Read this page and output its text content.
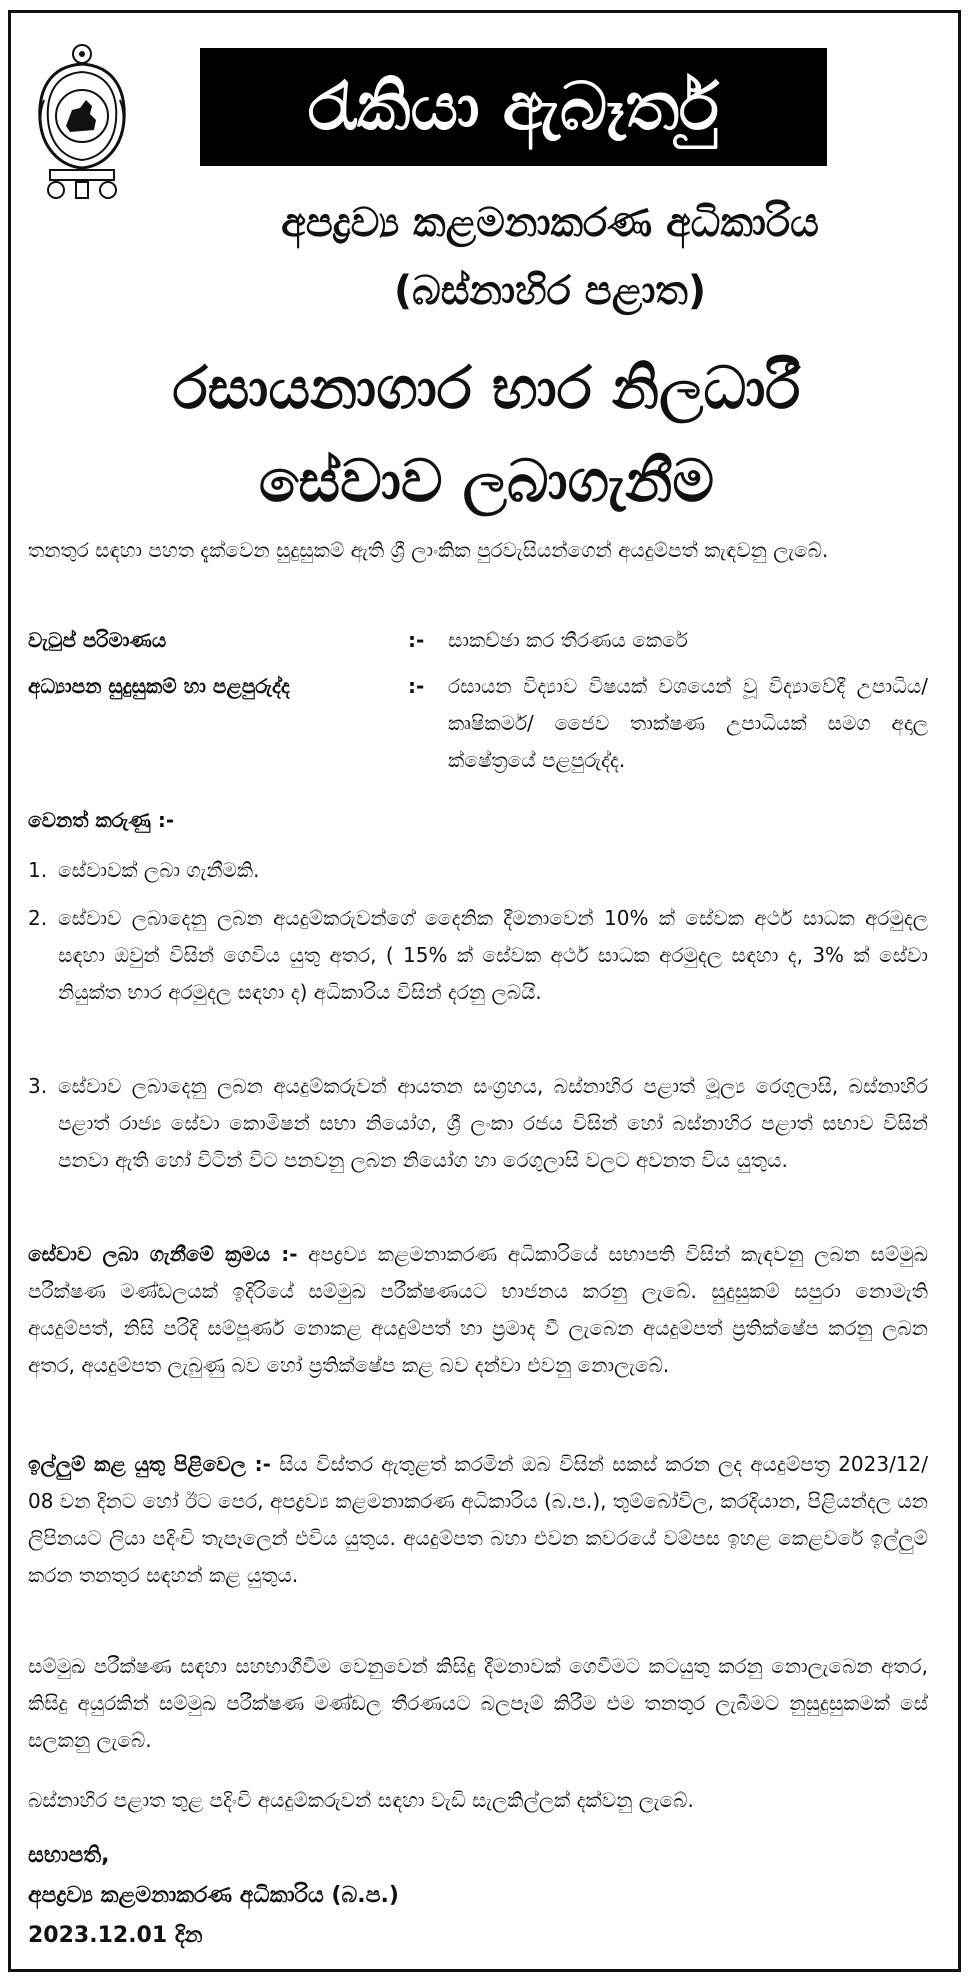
රැකියා ඇබෑර්තු
අපද්‍රව්‍ය කළමනාකරණ අධිකාරිය
(බස්නාහිර පළාත)
රසායනාගාර භාර නිලධාරී
සේවාව ලබාගැනීම
තනතුර සඳහා පහත දැක්වෙන සුදුසුකම් ඇති ශ්‍රී ලාංකික පුරවැසියන්ගෙන් අයදුම්පත් කැඳවනු ලැබේ.
වැටුප් පරිමාණය	:- සාකච්ඡා කර තීරණය කෙරේ
අධ්‍යාපන සුදුසුකම් හා පළපුරුද්ද	:- රසායන විද්‍යාව විෂයක් වශයෙන් වූ විද්‍යාවේදී උපාධිය/ කෘෂිකර්ම/ ජෛව තාක්ෂණ උපාධියක් සමග අදාල ක්ෂේත්‍රයේ පළපුරුද්ද.
වෙනත් කරුණු :-
1. සේවාවක් ලබා ගැනීමකි.
2. සේවාව ලබාදෙනු ලබන අයදුම්කරුවන්ගේ දෛනික දීමනාවෙන් 10% ක් සේවක අර්ථ සාධක අරමුදල සඳහා ඔවුන් විසින් ගෙවිය යුතු අතර, ( 15% ක් සේවක අර්ථ සාධක අරමුදල සඳහා ද, 3% ක් සේවා නියුක්ත භාර අරමුදල සඳහා ද) අධිකාරිය විසින් දරනු ලබයි.
3. සේවාව ලබාදෙනු ලබන අයදුම්කරුවන් ආයතන සංග්‍රහය, බස්නාහිර පළාත් මූල්‍ය රෙගුලාසි, බස්නාහිර පළාත් රාජ්‍ය සේවා කොමිෂන් සභා නියෝග, ශ්‍රී ලංකා රජය විසින් හෝ බස්නාහිර පළාත් සභාව විසින් පනවා ඇති හෝ විටින් විට පනවනු ලබන නියෝග හා රෙගුලාසි වලට අවනත විය යුතුය.
සේවාව ලබා ගැනීමේ ක්‍රමය :- අපද්‍රව්‍ය කළමනාකරණ අධිකාරියේ සභාපති විසින් කැඳවනු ලබන සම්මුඛ පරීක්ෂණ මණ්ඩලයක් ඉදිරියේ සම්මුඛ පරීක්ෂණයට භාජනය කරනු ලැබේ. සුදුසුකම් සපුරා නොමැති අයදුම්පත්, නිසි පරිදි සම්පූර්ණ නොකළ අයදුම්පත් හා ප්‍රමාද වී ලැබෙන අයදුම්පත් ප්‍රතික්ෂේප කරනු ලබන අතර, අයදුම්පත ලැබුණු බව හෝ ප්‍රතික්ෂේප කළ බව දන්වා එවනු නොලැබේ.
ඉල්ලුම් කළ යුතු පිළිවෙල :- සිය විස්තර ඇතුළත් කරමින් ඔබ විසින් සකස් කරන ලද අයදුම්පත්‍ර 2023/12/ 08 වන දිනට හෝ ඊට පෙර, අපද්‍රව්‍ය කළමනාකරණ අධිකාරිය (බ.ප.), තුම්බෝවිල, කරදියාන, පිළියන්දල යන ලිපිනයට ලියා පදිංචි තැපෑලෙන් එවිය යුතුය. අයදුම්පත බහා එවන කවරයේ වම්පස ඉහළ කෙළවරේ ඉල්ලුම් කරන තනතුර සඳහන් කළ යුතුය.
සම්මුඛ පරීක්ෂණ සඳහා සහභාගීවීම වෙනුවෙන් කිසිදු දීමනාවක් ගෙවීමට කටයුතු කරනු නොලැබෙන අතර, කිසිදු අයුරකින් සම්මුඛ පරීක්ෂණ මණ්ඩල තීරණයට බලපෑම් කිරීම එම තනතුර ලැබීමට නුසුදුසුකමක් සේ සලකනු ලැබේ.
බස්නාහිර පළාත තුළ පදිංචි අයදුම්කරුවන් සඳහා වැඩි සැලකිල්ලක් දක්වනු ලැබේ.
සභාපති,
අපද්‍රව්‍ය කළමනාකරණ අධිකාරිය (බ.ප.)
2023.12.01 දින
